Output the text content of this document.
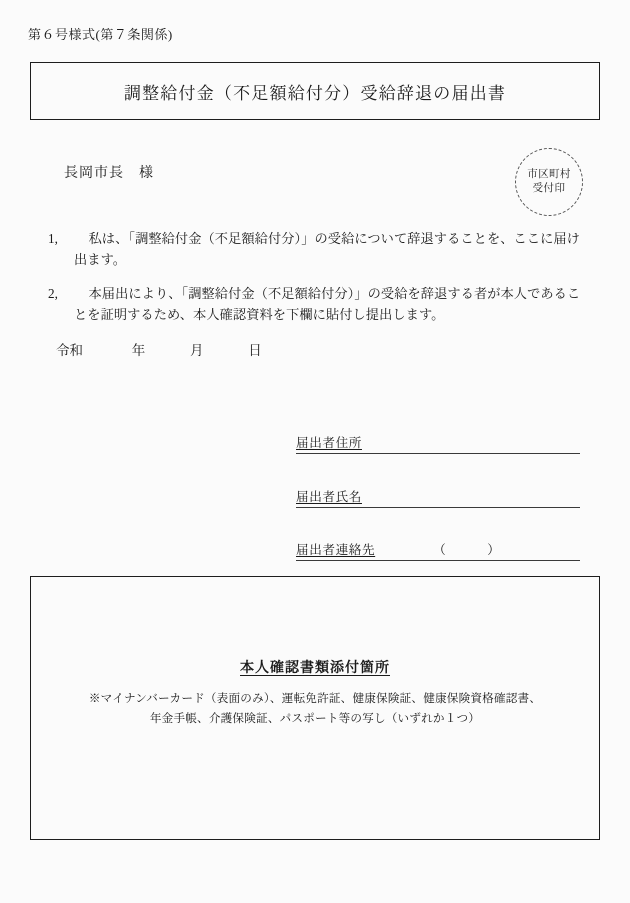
第６号様式(第７条関係)
調整給付金（不足額給付分）受給辞退の届出書
長岡市長　様	市区町村
受付印
1,	私は、「調整給付金（不足額給付分）」の受給について辞退することを、ここに届け出ます。
2,	本届出により、「調整給付金（不足額給付分）」の受給を辞退する者が本人であることを証明するため、本人確認資料を下欄に貼付し提出します。
令和	年	月	日
届出者住所
届出者氏名
届出者連絡先	（	）
本人確認書類添付箇所
※マイナンバーカード（表面のみ）、運転免許証、健康保険証、健康保険資格確認書、
年金手帳、介護保険証、パスポート等の写し（いずれか１つ）
